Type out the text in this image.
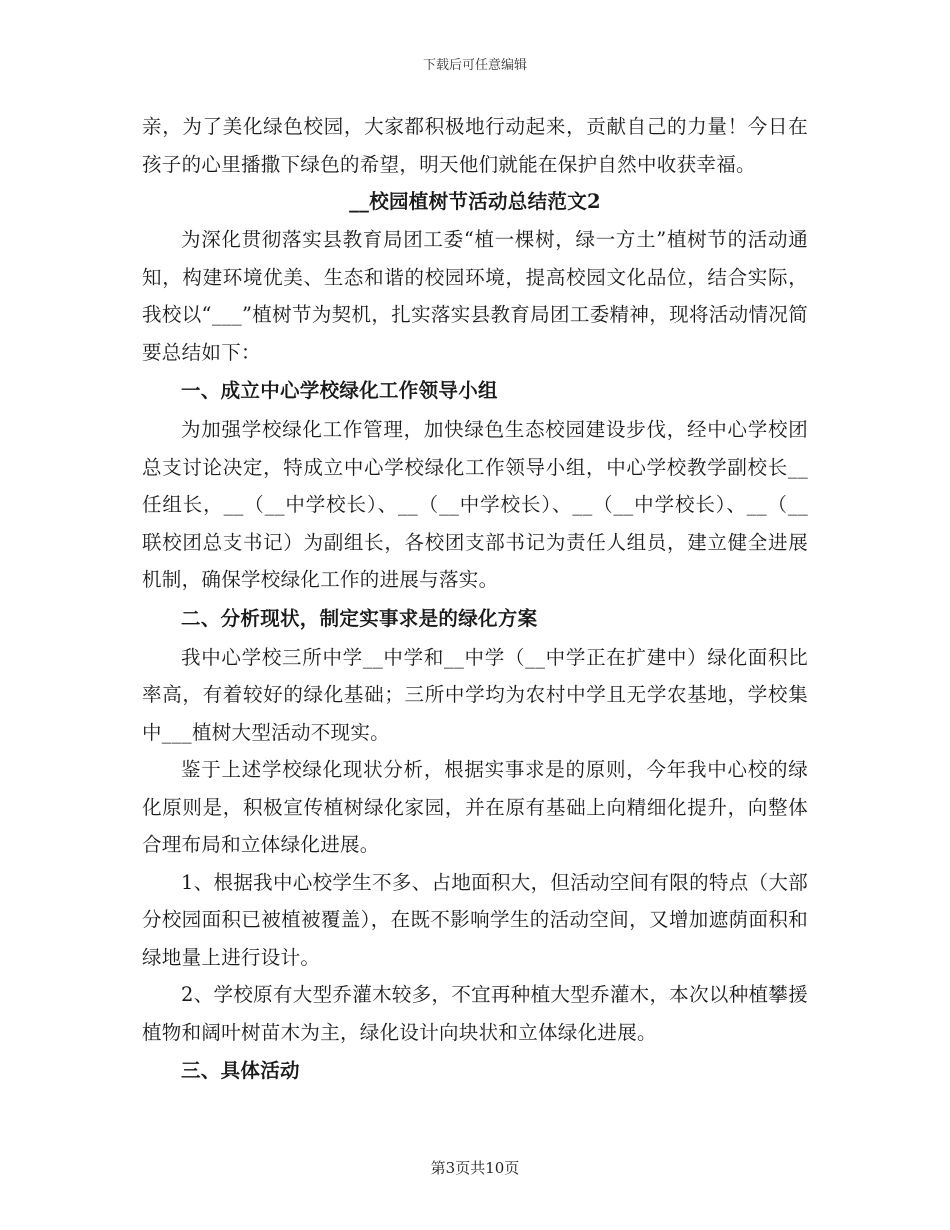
下载后可任意编辑

亲，为了美化绿色校园，大家都积极地行动起来，贡献自己的力量！今日在孩子的心里播撒下绿色的希望，明天他们就能在保护自然中收获幸福。

__校园植树节活动总结范文2

为深化贯彻落实县教育局团工委“植一棵树，绿一方土”植树节的活动通知，构建环境优美、生态和谐的校园环境，提高校园文化品位，结合实际，我校以“___”植树节为契机，扎实落实县教育局团工委精神，现将活动情况简要总结如下：

一、成立中心学校绿化工作领导小组

为加强学校绿化工作管理，加快绿色生态校园建设步伐，经中心学校团总支讨论决定，特成立中心学校绿化工作领导小组，中心学校教学副校长__任组长，__（__中学校长）、__（__中学校长）、__（__中学校长）、__（__联校团总支书记）为副组长，各校团支部书记为责任人组员，建立健全进展机制，确保学校绿化工作的进展与落实。

二、分析现状，制定实事求是的绿化方案

我中心学校三所中学__中学和__中学（__中学正在扩建中）绿化面积比率高，有着较好的绿化基础；三所中学均为农村中学且无学农基地，学校集中___植树大型活动不现实。

鉴于上述学校绿化现状分析，根据实事求是的原则，今年我中心校的绿化原则是，积极宣传植树绿化家园，并在原有基础上向精细化提升，向整体合理布局和立体绿化进展。

1、根据我中心校学生不多、占地面积大，但活动空间有限的特点（大部分校园面积已被植被覆盖），在既不影响学生的活动空间，又增加遮荫面积和绿地量上进行设计。

2、学校原有大型乔灌木较多，不宜再种植大型乔灌木，本次以种植攀援植物和阔叶树苗木为主，绿化设计向块状和立体绿化进展。

三、具体活动

第3页共10页
